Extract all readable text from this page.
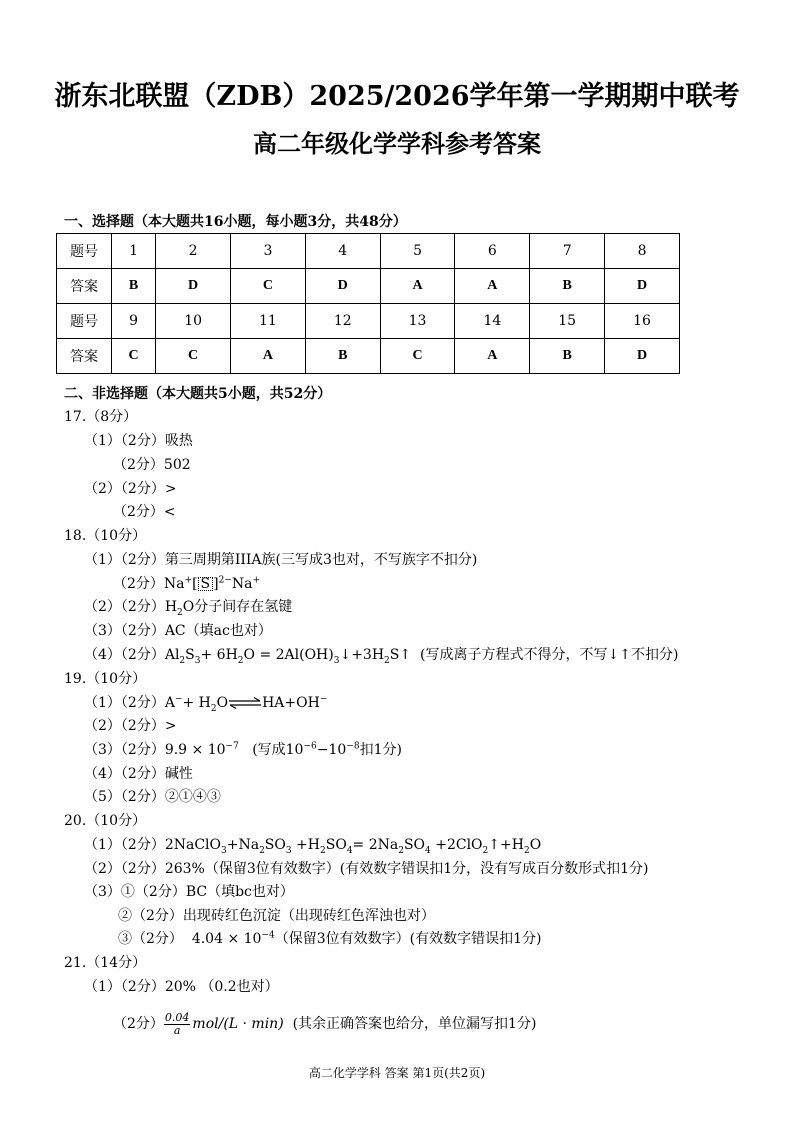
浙东北联盟（ZDB）2025/2026学年第一学期期中联考
高二年级化学学科参考答案
一、选择题（本大题共16小题，每小题3分，共48分）
题号	1	2	3	4	5	6	7	8
答案	B	D	C	D	A	A	B	D
题号	9	10	11	12	13	14	15	16
答案	C	C	A	B	C	A	B	D
二、非选择题（本大题共5小题，共52分）
17.（8分）
（1）（2分）吸热
（2分）502
（2）（2分）>
（2分）<
18.（10分）
（1）（2分）第三周期第IIIA族(三写成3也对，不写族字不扣分)
（2分）Na+[ S ]$^{2-}$Na+
（2）（2分）$H_2O$分子间存在氢键
（3）（2分）AC（填ac也对）
（4）（2分）$Al_2S_3+ 6H_2O$ = $2Al(OH)_3↓+3H_2S↑$  (写成离子方程式不得分，不写↓↑不扣分)
19.（10分）
（1）（2分）$A^-+ H_2O\rightleftharpoons HA+OH^-$
（2）（2分）>
（3）（2分）$9.9 \times 10^{-7}$ (写成$10^{-6}-10^{-8}$扣1分)
（4）（2分）碱性
（5）（2分）②①④③
20.（10分）
（1）（2分）$2NaClO_3+Na_2SO_3 +H_2SO_4= 2Na_2SO_4$ $+2ClO_2↑+H_2O$
（2）（2分）263%（保留3位有效数字）(有效数字错误扣1分，没有写成百分数形式扣1分)
（3）①（2分）BC（填bc也对）
②（2分）出现砖红色沉淀（出现砖红色浑浊也对）
③（2分） $4.04 \times 10^{-4}$（保留3位有效数字）(有效数字错误扣1分)
21.（14分）
（1）（2分）20% （0.2也对）
（2分） $\frac{0.04}{a} mol/(L \cdot \min)$ (其余正确答案也给分，单位漏写扣1分)
高二化学学科 答案 第1页(共2页)
